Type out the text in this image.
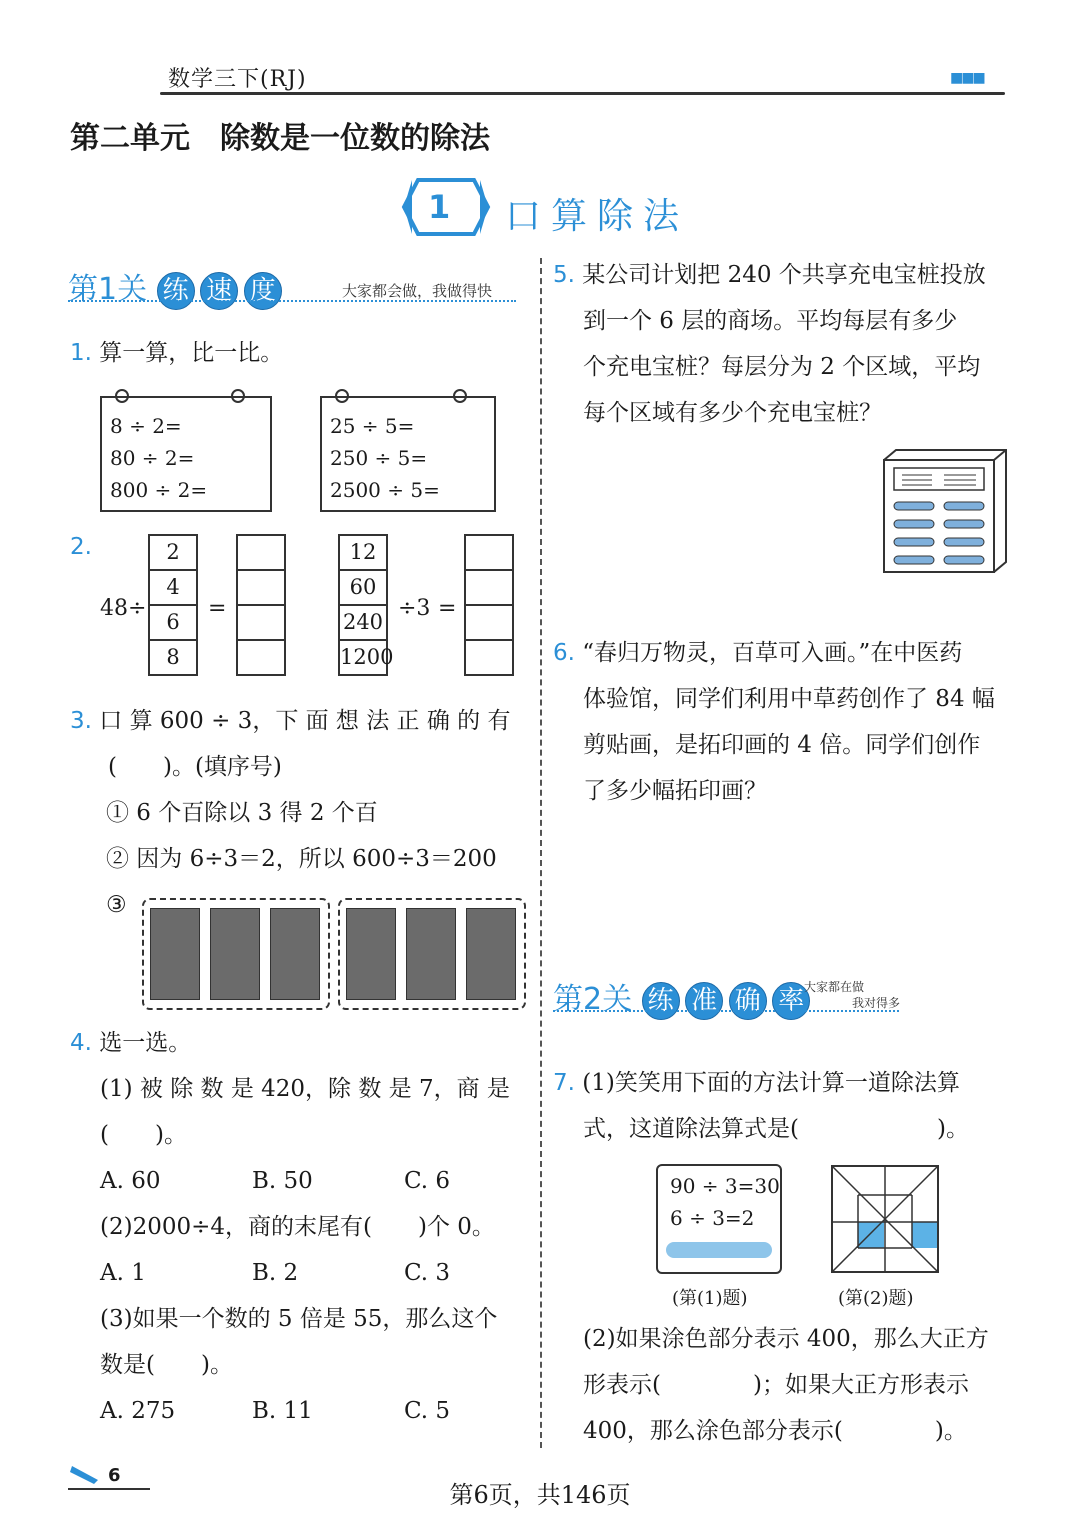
数学三下(RJ)	■■■
第二单元　除数是一位数的除法
1 口算除法
第1关 练 速 度	大家都会做，我做得快
1. 算一算，比一比。
8 ÷ 2=
80 ÷ 2=
800 ÷ 2=
25 ÷ 5=
250 ÷ 5=
2500 ÷ 5=
2.
48÷
2
4
6
8
=
12
60
240
1200
÷3 =
3. 口 算 600 ÷ 3，下 面 想 法 正 确 的 有
(　　)。(填序号)
① 6 个百除以 3 得 2 个百
② 因为 6÷3＝2，所以 600÷3＝200
③
4. 选一选。
(1) 被 除 数 是 420，除 数 是 7，商 是
(　　)。
A. 60	B. 50	C. 6
(2)2000÷4，商的末尾有(　　)个 0。
A. 1	B. 2	C. 3
(3)如果一个数的 5 倍是 55，那么这个
数是(　　)。
A. 275	B. 11	C. 5
5. 某公司计划把 240 个共享充电宝桩投放
到一个 6 层的商场。平均每层有多少
个充电宝桩？每层分为 2 个区域，平均
每个区域有多少个充电宝桩？
6. “春归万物灵，百草可入画。”在中医药
体验馆，同学们利用中草药创作了 84 幅
剪贴画，是拓印画的 4 倍。同学们创作
了多少幅拓印画？
第2关 练 准 确 率 大家都在做
我对得多
7. (1)笑笑用下面的方法计算一道除法算
式，这道除法算式是(　　　　　　)。
90 ÷ 3=30
6 ÷ 3=2
(第(1)题)	(第(2)题)
(2)如果涂色部分表示 400，那么大正方
形表示(　　　　)；如果大正方形表示
400，那么涂色部分表示(　　　　)。
6
第6页，共146页
